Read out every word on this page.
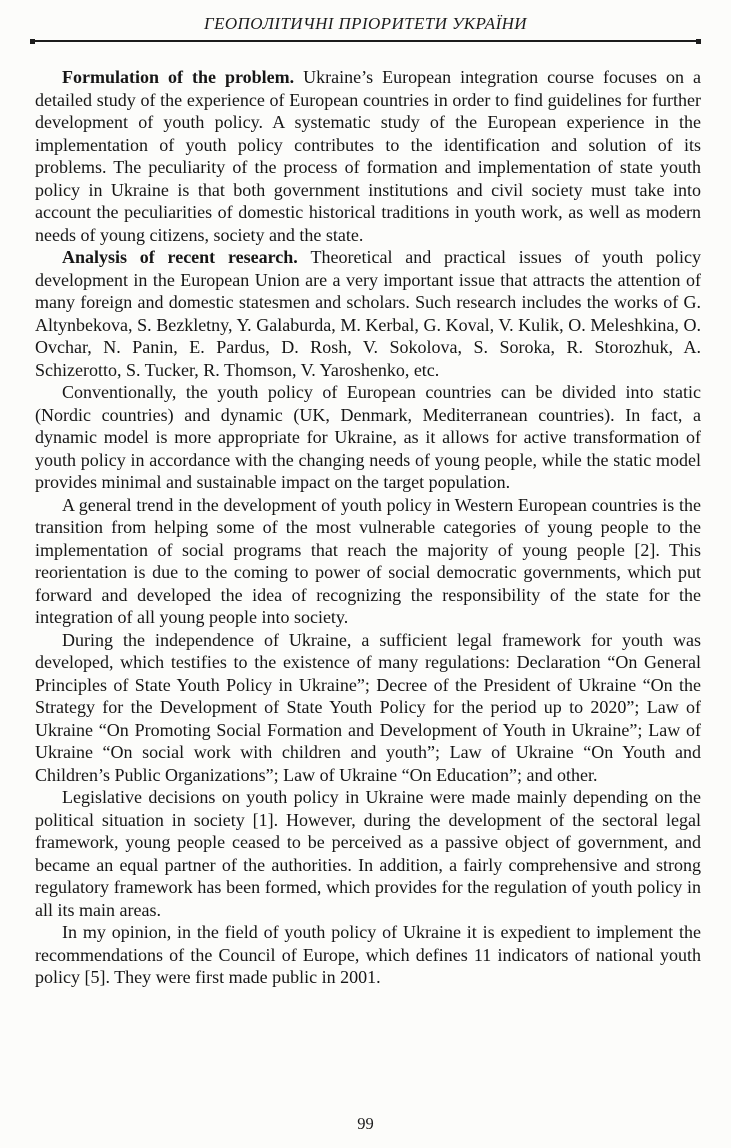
ГЕОПОЛІТИЧНІ ПРІОРИТЕТИ УКРАЇНИ

Formulation of the problem. Ukraine’s European integration course focuses on a detailed study of the experience of European countries in order to find guidelines for further development of youth policy. A systematic study of the European experience in the implementation of youth policy contributes to the identification and solution of its problems. The peculiarity of the process of formation and implementation of state youth policy in Ukraine is that both government institutions and civil society must take into account the peculiarities of domestic historical traditions in youth work, as well as modern needs of young citizens, society and the state.

Analysis of recent research. Theoretical and practical issues of youth policy development in the European Union are a very important issue that attracts the attention of many foreign and domestic statesmen and scholars. Such research includes the works of G. Altynbekova, S. Bezkletny, Y. Galaburda, M. Kerbal, G. Koval, V. Kulik, O. Meleshkina, O. Ovchar, N. Panin, E. Pardus, D. Rosh, V. Sokolova, S. Soroka, R. Storozhuk, A. Schizerotto, S. Tucker, R. Thomson, V. Yaroshenko, etc.

Conventionally, the youth policy of European countries can be divided into static (Nordic countries) and dynamic (UK, Denmark, Mediterranean countries). In fact, a dynamic model is more appropriate for Ukraine, as it allows for active transformation of youth policy in accordance with the changing needs of young people, while the static model provides minimal and sustainable impact on the target population.

A general trend in the development of youth policy in Western European countries is the transition from helping some of the most vulnerable categories of young people to the implementation of social programs that reach the majority of young people [2]. This reorientation is due to the coming to power of social democratic governments, which put forward and developed the idea of recognizing the responsibility of the state for the integration of all young people into society.

During the independence of Ukraine, a sufficient legal framework for youth was developed, which testifies to the existence of many regulations: Declaration “On General Principles of State Youth Policy in Ukraine”; Decree of the President of Ukraine “On the Strategy for the Development of State Youth Policy for the period up to 2020”; Law of Ukraine “On Promoting Social Formation and Development of Youth in Ukraine”; Law of Ukraine “On social work with children and youth”; Law of Ukraine “On Youth and Children’s Public Organizations”; Law of Ukraine “On Education”; and other.

Legislative decisions on youth policy in Ukraine were made mainly depending on the political situation in society [1]. However, during the development of the sectoral legal framework, young people ceased to be perceived as a passive object of government, and became an equal partner of the authorities. In addition, a fairly comprehensive and strong regulatory framework has been formed, which provides for the regulation of youth policy in all its main areas.

In my opinion, in the field of youth policy of Ukraine it is expedient to implement the recommendations of the Council of Europe, which defines 11 indicators of national youth policy [5]. They were first made public in 2001.

99
